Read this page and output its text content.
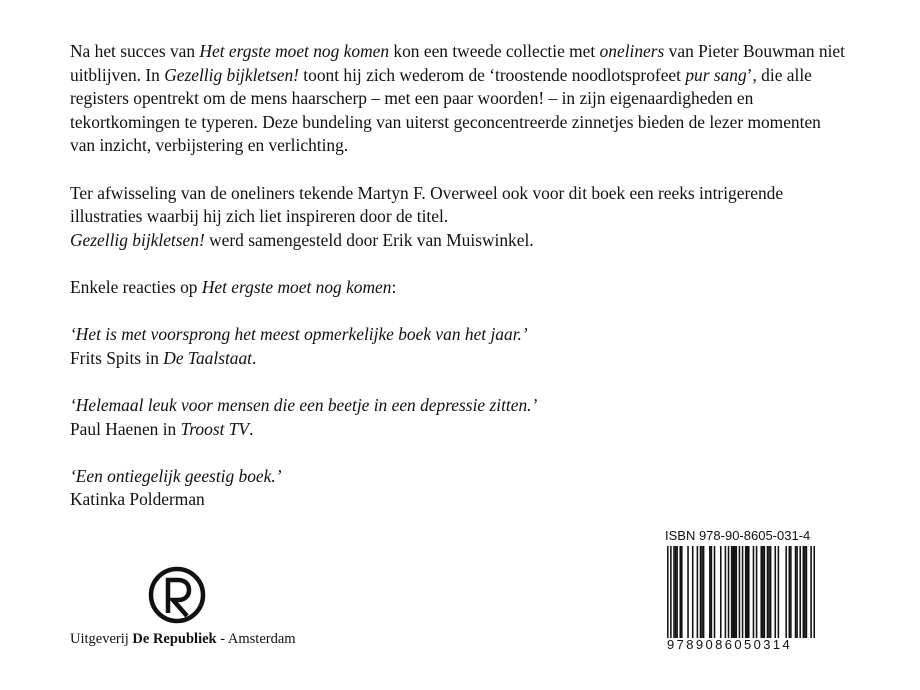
Na het succes van Het ergste moet nog komen kon een tweede collectie met oneliners van Pieter Bouwman niet uitblijven. In Gezellig bijkletsen! toont hij zich wederom de ‘troostende noodlotsprofeet pur sang’, die alle registers opentrekt om de mens haarscherp – met een paar woorden! – in zijn eigenaardigheden en tekortkomingen te typeren. Deze bundeling van uiterst geconcentreerde zinnetjes bieden de lezer momenten van inzicht, verbijstering en verlichting.

Ter afwisseling van de oneliners tekende Martyn F. Overweel ook voor dit boek een reeks intrigerende illustraties waarbij hij zich liet inspireren door de titel.
Gezellig bijkletsen! werd samengesteld door Erik van Muiswinkel.

Enkele reacties op Het ergste moet nog komen:

‘Het is met voorsprong het meest opmerkelijke boek van het jaar.’
Frits Spits in De Taalstaat.

‘Helemaal leuk voor mensen die een beetje in een depressie zitten.’
Paul Haenen in Troost TV.

‘Een ontiegelijk geestig boek.’
Katinka Polderman

Uitgeverij De Republiek - Amsterdam
ISBN 978-90-8605-031-4
9789086050314
